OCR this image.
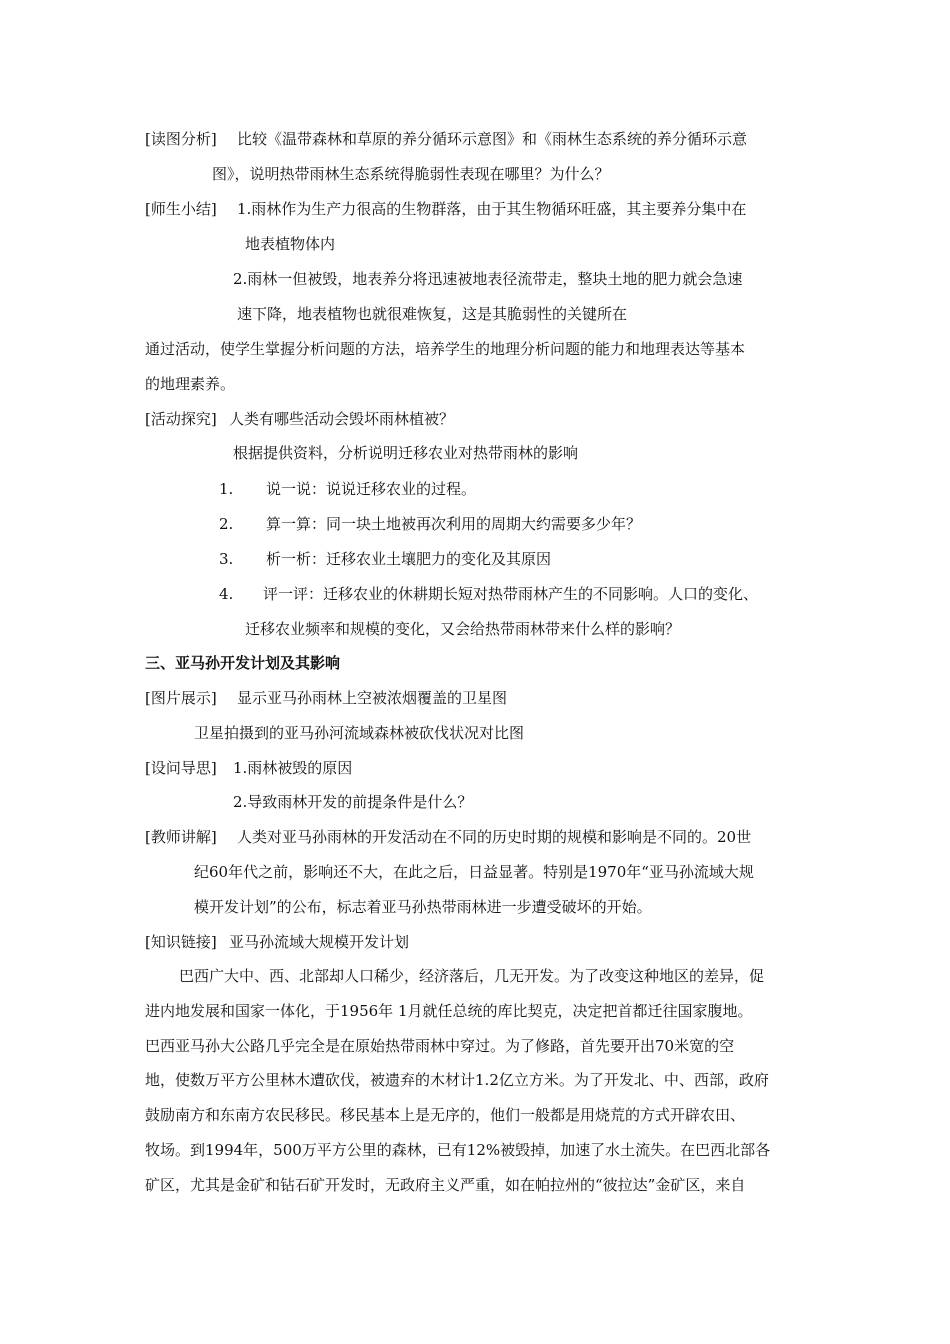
[读图分析] 比较《温带森林和草原的养分循环示意图》和《雨林生态系统的养分循环示意
图》，说明热带雨林生态系统得脆弱性表现在哪里？为什么？
[师生小结] 1.雨林作为生产力很高的生物群落，由于其生物循环旺盛，其主要养分集中在
地表植物体内
2.雨林一但被毁，地表养分将迅速被地表径流带走，整块土地的肥力就会急速
速下降，地表植物也就很难恢复，这是其脆弱性的关键所在
通过活动，使学生掌握分析问题的方法，培养学生的地理分析问题的能力和地理表达等基本
的地理素养。
[活动探究] 人类有哪些活动会毁坏雨林植被？
根据提供资料，分析说明迁移农业对热带雨林的影响
1. 说一说：说说迁移农业的过程。
2. 算一算：同一块土地被再次利用的周期大约需要多少年？
3. 析一析：迁移农业土壤肥力的变化及其原因
4. 评一评：迁移农业的休耕期长短对热带雨林产生的不同影响。人口的变化、
迁移农业频率和规模的变化，又会给热带雨林带来什么样的影响？
三、亚马孙开发计划及其影响
[图片展示] 显示亚马孙雨林上空被浓烟覆盖的卫星图
卫星拍摄到的亚马孙河流域森林被砍伐状况对比图
[设问导思] 1.雨林被毁的原因
2.导致雨林开发的前提条件是什么？
[教师讲解] 人类对亚马孙雨林的开发活动在不同的历史时期的规模和影响是不同的。20世
纪60年代之前，影响还不大，在此之后，日益显著。特别是1970年“亚马孙流域大规
模开发计划”的公布，标志着亚马孙热带雨林进一步遭受破坏的开始。
[知识链接] 亚马孙流域大规模开发计划
巴西广大中、西、北部却人口稀少，经济落后，几无开发。为了改变这种地区的差异，促
进内地发展和国家一体化，于1956年 1月就任总统的库比契克，决定把首都迁往国家腹地。
巴西亚马孙大公路几乎完全是在原始热带雨林中穿过。为了修路，首先要开出70米宽的空
地，使数万平方公里林木遭砍伐，被遗弃的木材计1.2亿立方米。为了开发北、中、西部，政府
鼓励南方和东南方农民移民。移民基本上是无序的，他们一般都是用烧荒的方式开辟农田、
牧场。到1994年，500万平方公里的森林，已有12%被毁掉，加速了水土流失。在巴西北部各
矿区，尤其是金矿和钻石矿开发时，无政府主义严重，如在帕拉州的“彼拉达”金矿区，来自
